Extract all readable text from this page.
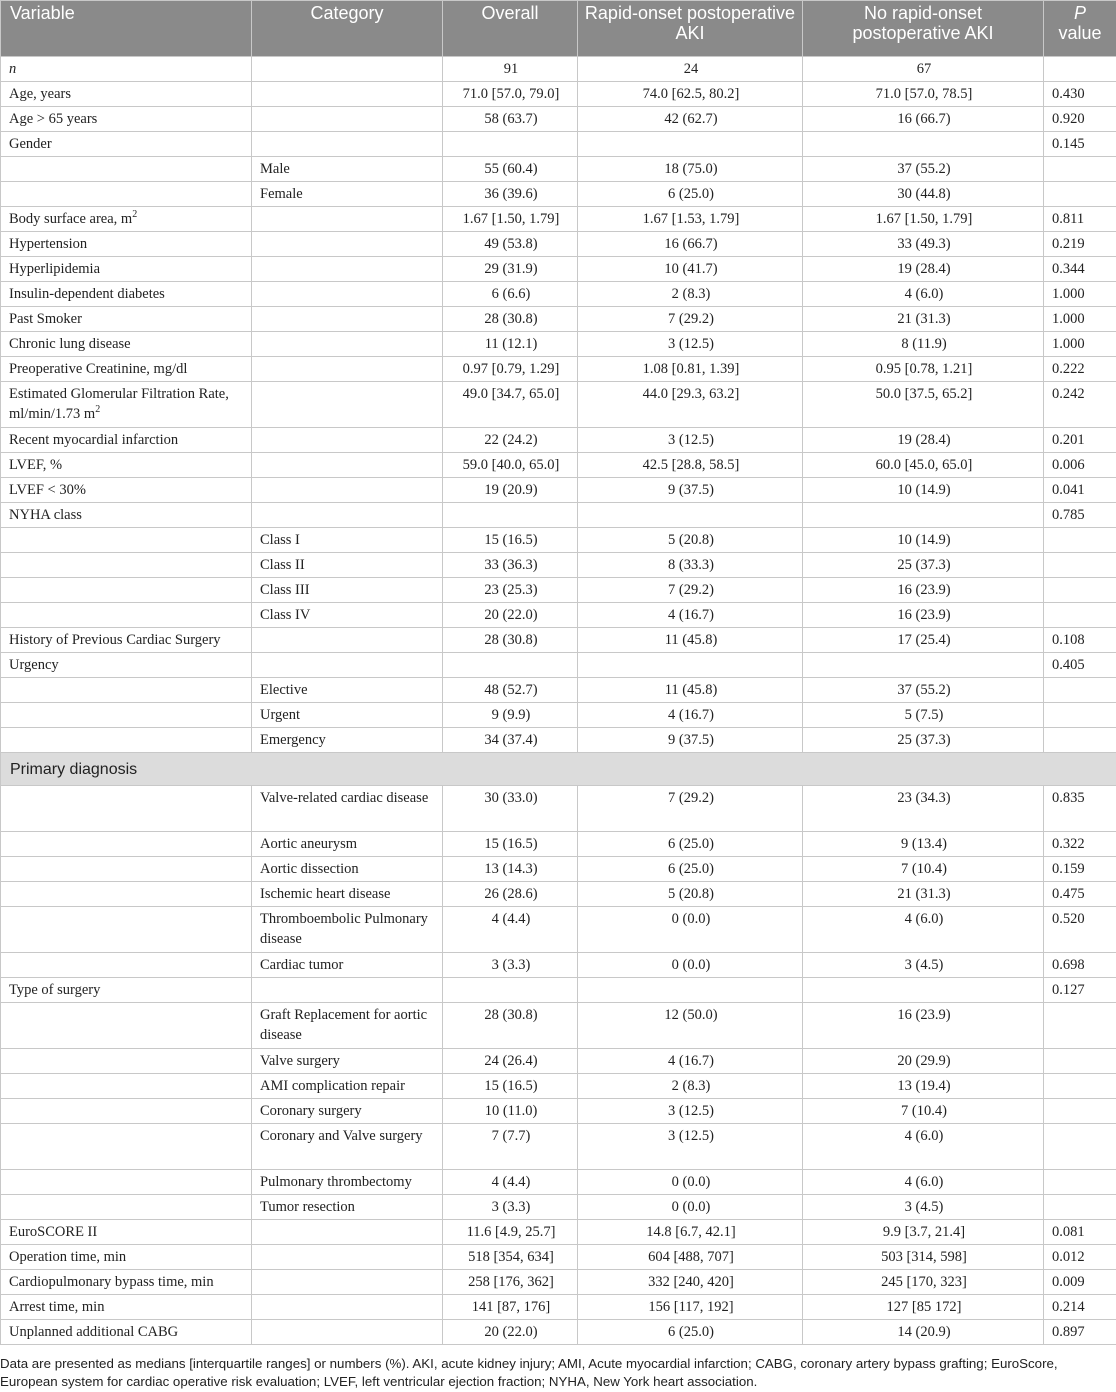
Variable	Category	Overall	Rapid-onset postoperative AKI	No rapid-onset postoperative AKI	P
value
n		91	24	67	
Age, years		71.0 [57.0, 79.0]	74.0 [62.5, 80.2]	71.0 [57.0, 78.5]	0.430
Age > 65 years		58 (63.7)	42 (62.7)	16 (66.7)	0.920
Gender					0.145
	Male	55 (60.4)	18 (75.0)	37 (55.2)	
	Female	36 (39.6)	6 (25.0)	30 (44.8)	
Body surface area, $m^2$		1.67 [1.50, 1.79]	1.67 [1.53, 1.79]	1.67 [1.50, 1.79]	0.811
Hypertension		49 (53.8)	16 (66.7)	33 (49.3)	0.219
Hyperlipidemia		29 (31.9)	10 (41.7)	19 (28.4)	0.344
Insulin-dependent diabetes		6 (6.6)	2 (8.3)	4 (6.0)	1.000
Past Smoker		28 (30.8)	7 (29.2)	21 (31.3)	1.000
Chronic lung disease		11 (12.1)	3 (12.5)	8 (11.9)	1.000
Preoperative Creatinine, mg/dl		0.97 [0.79, 1.29]	1.08 [0.81, 1.39]	0.95 [0.78, 1.21]	0.222
Estimated Glomerular Filtration Rate, ml/min/1.73 $m^2$		49.0 [34.7, 65.0]	44.0 [29.3, 63.2]	50.0 [37.5, 65.2]	0.242
Recent myocardial infarction		22 (24.2)	3 (12.5)	19 (28.4)	0.201
LVEF, %		59.0 [40.0, 65.0]	42.5 [28.8, 58.5]	60.0 [45.0, 65.0]	0.006
LVEF < 30%		19 (20.9)	9 (37.5)	10 (14.9)	0.041
NYHA class					0.785
	Class I	15 (16.5)	5 (20.8)	10 (14.9)	
	Class II	33 (36.3)	8 (33.3)	25 (37.3)	
	Class III	23 (25.3)	7 (29.2)	16 (23.9)	
	Class IV	20 (22.0)	4 (16.7)	16 (23.9)	
History of Previous Cardiac Surgery		28 (30.8)	11 (45.8)	17 (25.4)	0.108
Urgency					0.405
	Elective	48 (52.7)	11 (45.8)	37 (55.2)	
	Urgent	9 (9.9)	4 (16.7)	5 (7.5)	
	Emergency	34 (37.4)	9 (37.5)	25 (37.3)	
Primary diagnosis					
	Valve-related cardiac disease	30 (33.0)	7 (29.2)	23 (34.3)	0.835
	Aortic aneurysm	15 (16.5)	6 (25.0)	9 (13.4)	0.322
	Aortic dissection	13 (14.3)	6 (25.0)	7 (10.4)	0.159
	Ischemic heart disease	26 (28.6)	5 (20.8)	21 (31.3)	0.475
	Thromboembolic Pulmonary disease	4 (4.4)	0 (0.0)	4 (6.0)	0.520
	Cardiac tumor	3 (3.3)	0 (0.0)	3 (4.5)	0.698
Type of surgery					0.127
	Graft Replacement for aortic disease	28 (30.8)	12 (50.0)	16 (23.9)	
	Valve surgery	24 (26.4)	4 (16.7)	20 (29.9)	
	AMI complication repair	15 (16.5)	2 (8.3)	13 (19.4)	
	Coronary surgery	10 (11.0)	3 (12.5)	7 (10.4)	
	Coronary and Valve surgery	7 (7.7)	3 (12.5)	4 (6.0)	
	Pulmonary thrombectomy	4 (4.4)	0 (0.0)	4 (6.0)	
	Tumor resection	3 (3.3)	0 (0.0)	3 (4.5)	
EuroSCORE II		11.6 [4.9, 25.7]	14.8 [6.7, 42.1]	9.9 [3.7, 21.4]	0.081
Operation time, min		518 [354, 634]	604 [488, 707]	503 [314, 598]	0.012
Cardiopulmonary bypass time, min		258 [176, 362]	332 [240, 420]	245 [170, 323]	0.009
Arrest time, min		141 [87, 176]	156 [117, 192]	127 [85 172]	0.214
Unplanned additional CABG		20 (22.0)	6 (25.0)	14 (20.9)	0.897
Data are presented as medians [interquartile ranges] or numbers (%). AKI, acute kidney injury; AMI, Acute myocardial infarction; CABG, coronary artery bypass grafting; EuroScore, European system for cardiac operative risk evaluation; LVEF, left ventricular ejection fraction; NYHA, New York heart association.
